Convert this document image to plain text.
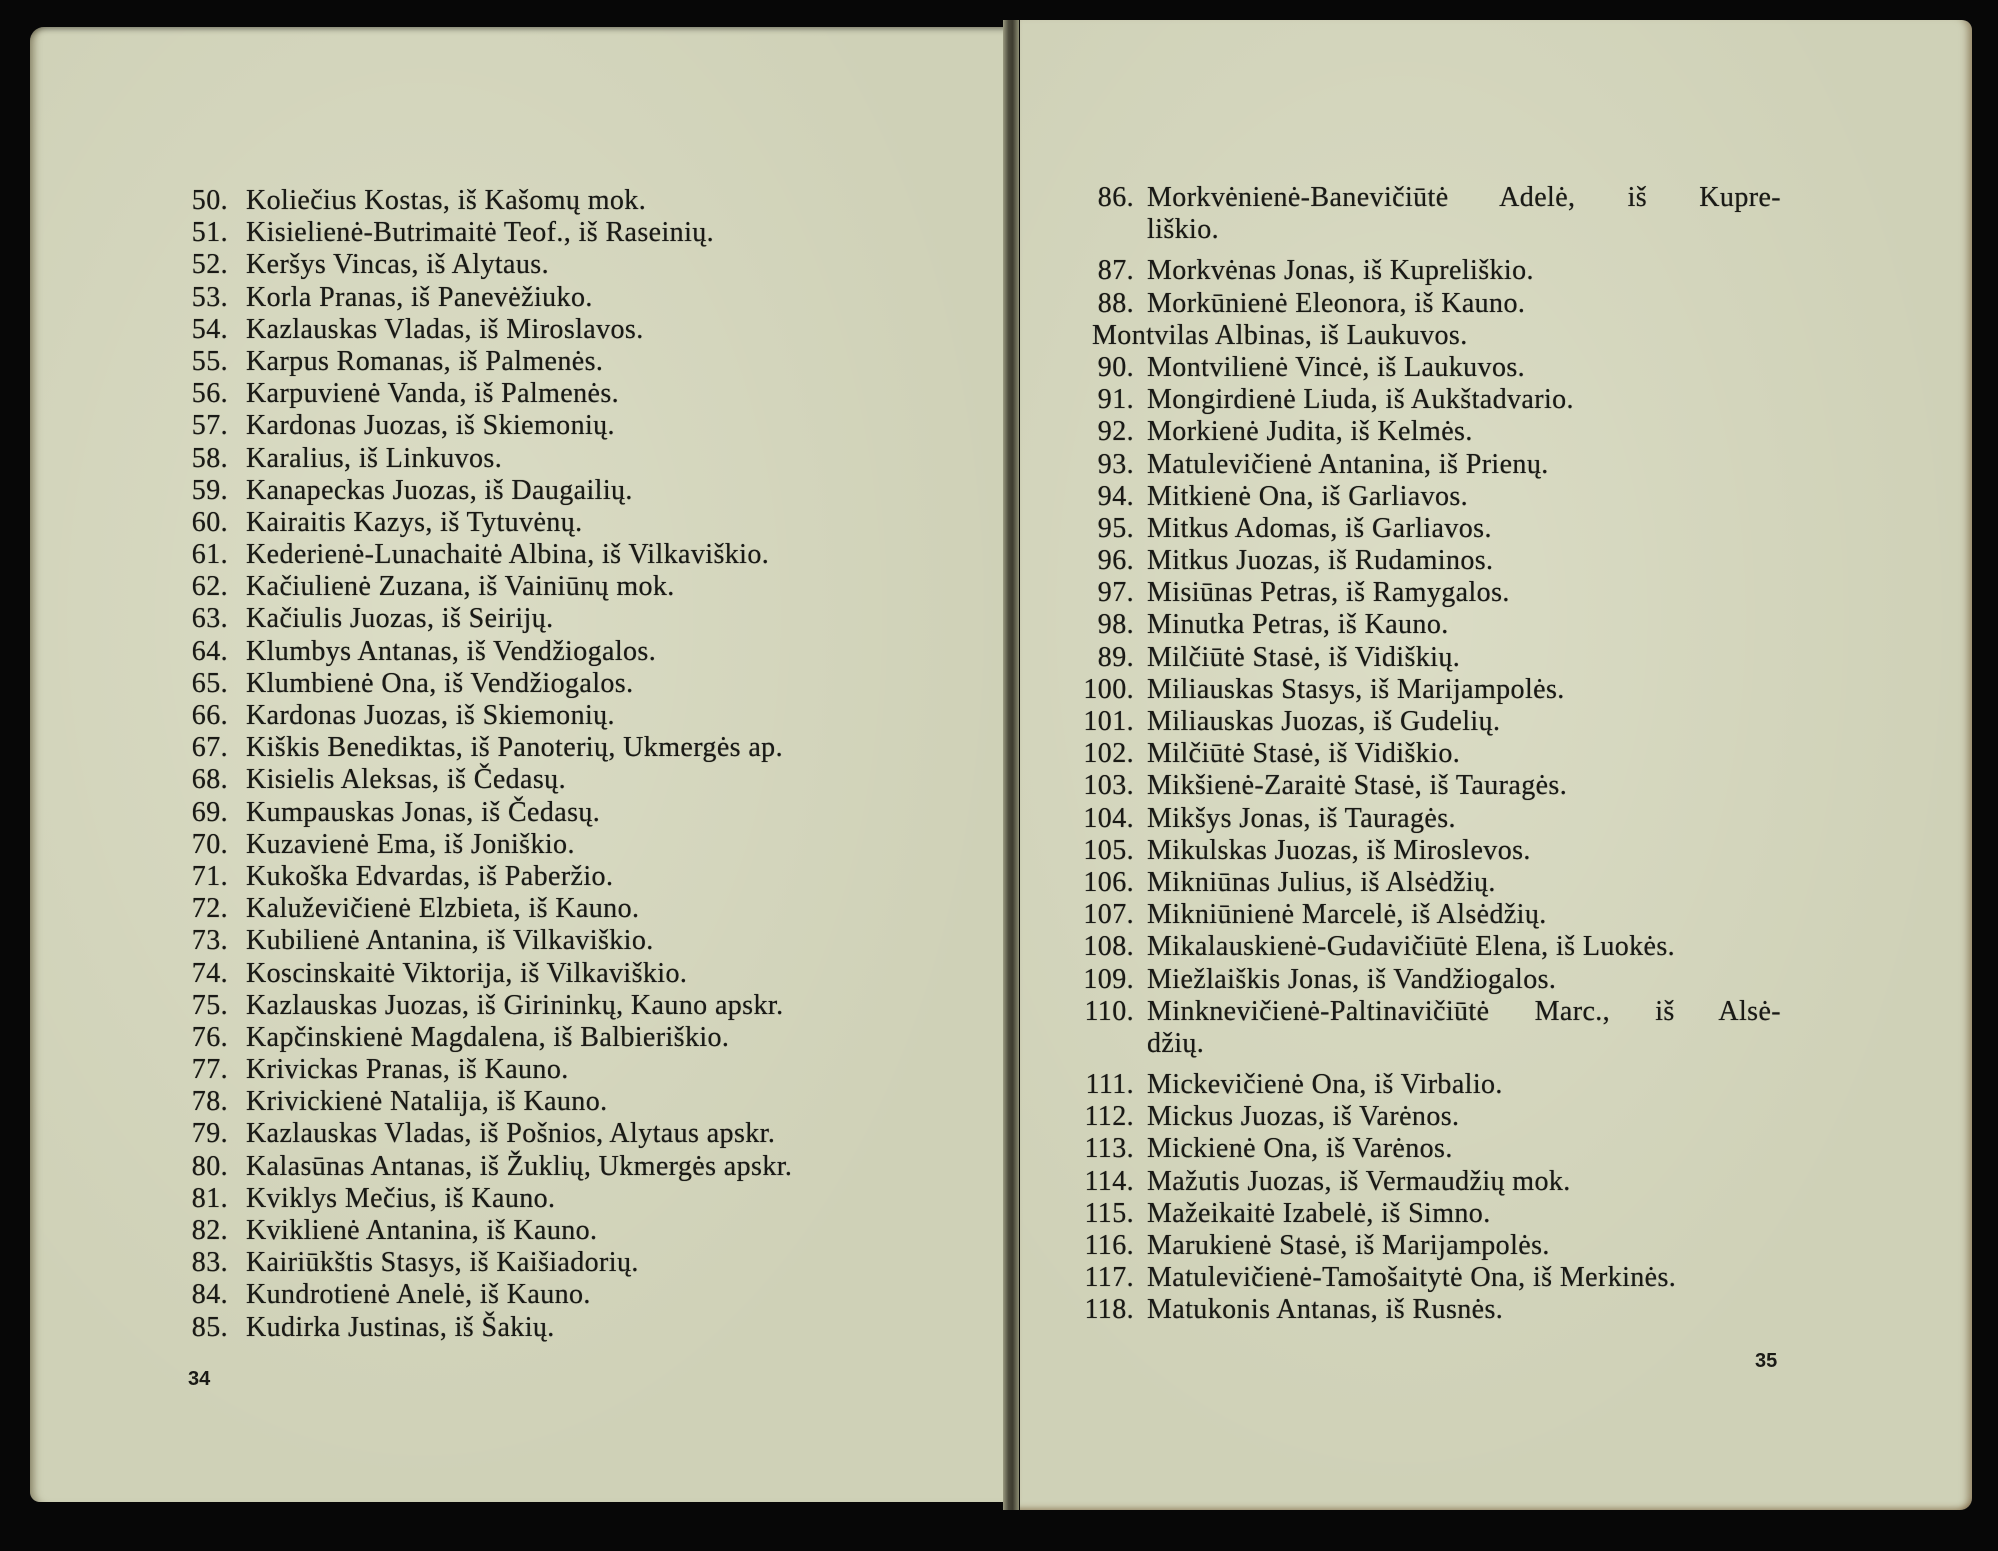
50. Koliečius Kostas, iš Kašomų mok.
51. Kisielienė-Butrimaitė Teof., iš Raseinių.
52. Keršys Vincas, iš Alytaus.
53. Korla Pranas, iš Panevėžiuko.
54. Kazlauskas Vladas, iš Miroslavos.
55. Karpus Romanas, iš Palmenės.
56. Karpuvienė Vanda, iš Palmenės.
57. Kardonas Juozas, iš Skiemonių.
58. Karalius, iš Linkuvos.
59. Kanapeckas Juozas, iš Daugailių.
60. Kairaitis Kazys, iš Tytuvėnų.
61. Kederienė-Lunachaitė Albina, iš Vilkaviškio.
62. Kačiulienė Zuzana, iš Vainiūnų mok.
63. Kačiulis Juozas, iš Seirijų.
64. Klumbys Antanas, iš Vendžiogalos.
65. Klumbienė Ona, iš Vendžiogalos.
66. Kardonas Juozas, iš Skiemonių.
67. Kiškis Benediktas, iš Panoterių, Ukmergės ap.
68. Kisielis Aleksas, iš Čedasų.
69. Kumpauskas Jonas, iš Čedasų.
70. Kuzavienė Ema, iš Joniškio.
71. Kukoška Edvardas, iš Paberžio.
72. Kaluževičienė Elzbieta, iš Kauno.
73. Kubilienė Antanina, iš Vilkaviškio.
74. Koscinskaitė Viktorija, iš Vilkaviškio.
75. Kazlauskas Juozas, iš Girininkų, Kauno apskr.
76. Kapčinskienė Magdalena, iš Balbieriškio.
77. Krivickas Pranas, iš Kauno.
78. Krivickienė Natalija, iš Kauno.
79. Kazlauskas Vladas, iš Pošnios, Alytaus apskr.
80. Kalasūnas Antanas, iš Žuklių, Ukmergės apskr.
81. Kviklys Mečius, iš Kauno.
82. Kviklienė Antanina, iš Kauno.
83. Kairiūkštis Stasys, iš Kaišiadorių.
84. Kundrotienė Anelė, iš Kauno.
85. Kudirka Justinas, iš Šakių.
86. Morkvėnienė-Banevičiūtė Adelė, iš Kupre-
liškio.
87. Morkvėnas Jonas, iš Kupreliškio.
88. Morkūnienė Eleonora, iš Kauno.
Montvilas Albinas, iš Laukuvos.
90. Montvilienė Vincė, iš Laukuvos.
91. Mongirdienė Liuda, iš Aukštadvario.
92. Morkienė Judita, iš Kelmės.
93. Matulevičienė Antanina, iš Prienų.
94. Mitkienė Ona, iš Garliavos.
95. Mitkus Adomas, iš Garliavos.
96. Mitkus Juozas, iš Rudaminos.
97. Misiūnas Petras, iš Ramygalos.
98. Minutka Petras, iš Kauno.
89. Milčiūtė Stasė, iš Vidiškių.
100. Miliauskas Stasys, iš Marijampolės.
101. Miliauskas Juozas, iš Gudelių.
102. Milčiūtė Stasė, iš Vidiškio.
103. Mikšienė-Zaraitė Stasė, iš Tauragės.
104. Mikšys Jonas, iš Tauragės.
105. Mikulskas Juozas, iš Miroslevos.
106. Mikniūnas Julius, iš Alsėdžių.
107. Mikniūnienė Marcelė, iš Alsėdžių.
108. Mikalauskienė-Gudavičiūtė Elena, iš Luokės.
109. Miežlaiškis Jonas, iš Vandžiogalos.
110. Minknevičienė-Paltinavičiūtė Marc., iš Alsė-
džių.
111. Mickevičienė Ona, iš Virbalio.
112. Mickus Juozas, iš Varėnos.
113. Mickienė Ona, iš Varėnos.
114. Mažutis Juozas, iš Vermaudžių mok.
115. Mažeikaitė Izabelė, iš Simno.
116. Marukienė Stasė, iš Marijampolės.
117. Matulevičienė-Tamošaitytė Ona, iš Merkinės.
118. Matukonis Antanas, iš Rusnės.
34
35
